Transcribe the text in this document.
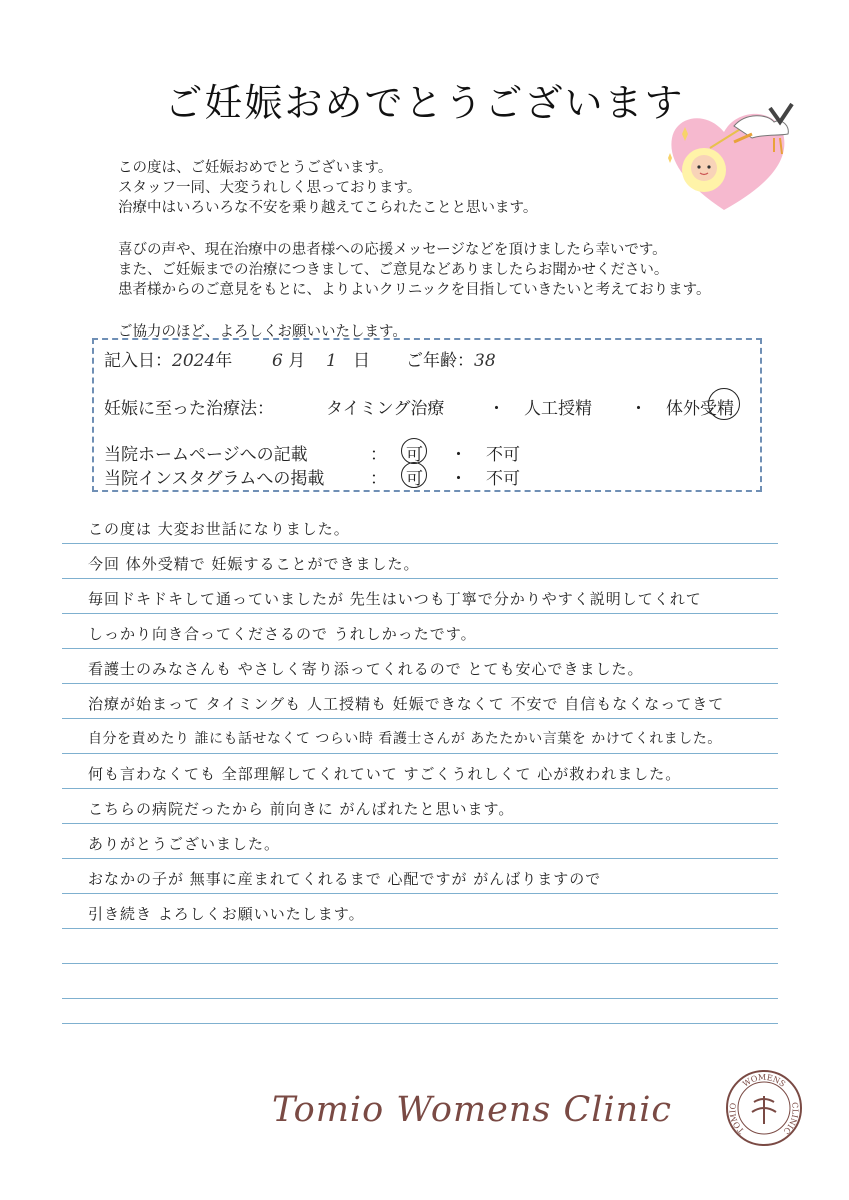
ご妊娠おめでとうございます

この度は、ご妊娠おめでとうございます。
スタッフ一同、大変うれしく思っております。
治療中はいろいろな不安を乗り越えてこられたことと思います。

喜びの声や、現在治療中の患者様への応援メッセージなどを頂けましたら幸いです。
また、ご妊娠までの治療につきまして、ご意見などありましたらお聞かせください。
患者様からのご意見をもとに、よりよいクリニックを目指していきたいと考えております。

ご協力のほど、よろしくお願いいたします。

記入日：2024年 6 月 1 日 ご年齢：38
妊娠に至った治療法：	タイミング治療	・ 人工授精 ・ 体外受精
当院ホームページへの記載	： 可 ・ 不可
当院インスタグラムへの掲載	： 可 ・ 不可
この度は 大変お世話になりました。
今回 体外受精で 妊娠することができました。
毎回ドキドキして通っていましたが 先生はいつも丁寧で分かりやすく説明してくれて
しっかり向き合ってくださるので うれしかったです。
看護士のみなさんも やさしく寄り添ってくれるので とても安心できました。
治療が始まって タイミングも 人工授精も 妊娠できなくて 不安で 自信もなくなってきて
自分を責めたり 誰にも話せなくて つらい時 看護士さんが あたたかい言葉を かけてくれました。
何も言わなくても 全部理解してくれていて すごくうれしくて 心が救われました。
こちらの病院だったから 前向きに がんばれたと思います。
ありがとうございました。
おなかの子が 無事に産まれてくれるまで 心配ですが がんばりますので
引き続き よろしくお願いいたします。
Tomio Womens Clinic
WOMENS
TOMIO	CLINIC
